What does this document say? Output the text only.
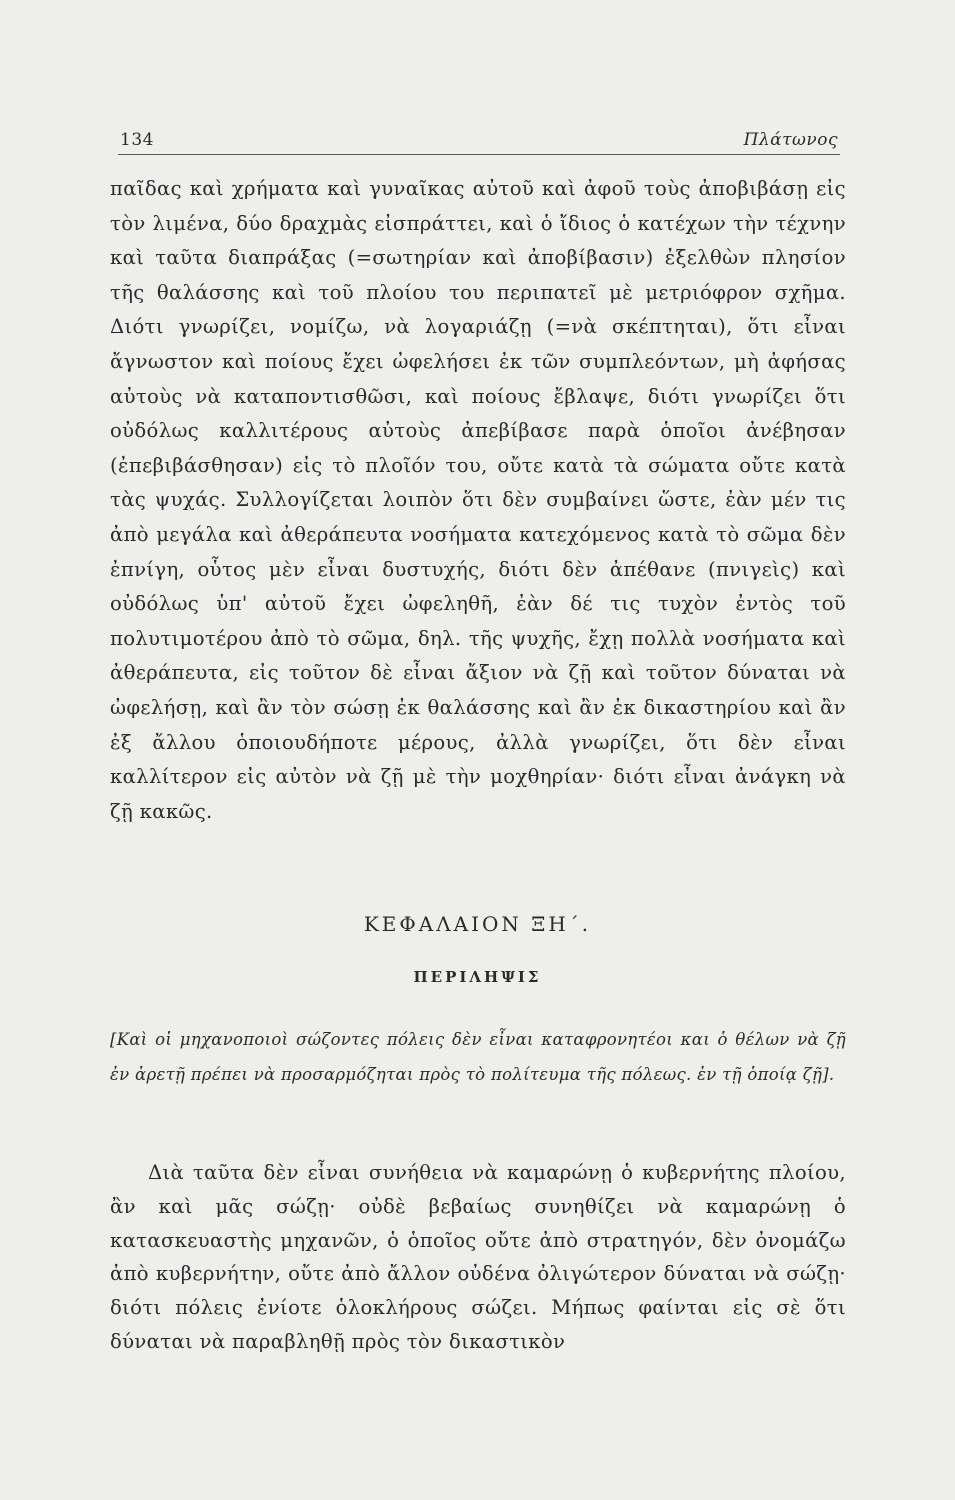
134	Πλάτωνος

παῖδας καὶ χρήματα καὶ γυναῖκας αὐτοῦ καὶ ἀφοῦ τοὺς ἀποβιβάσῃ εἰς τὸν λιμένα, δύο δραχμὰς εἰσπράττει, καὶ ὁ ἴδιος ὁ κατέχων τὴν τέχνην καὶ ταῦτα διαπράξας (=σωτηρίαν καὶ ἀποβίβασιν) ἐξελθὼν πλησίον τῆς θαλάσσης καὶ τοῦ πλοίου του περιπατεῖ μὲ μετριόφρον σχῆμα. Διότι γνωρίζει, νομίζω, νὰ λογαριάζῃ (=νὰ σκέπτηται), ὅτι εἶναι ἄγνωστον καὶ ποίους ἔχει ὠφελήσει ἐκ τῶν συμπλεόντων, μὴ ἀφήσας αὐτοὺς νὰ καταποντισθῶσι, καὶ ποίους ἔβλαψε, διότι γνωρίζει ὅτι οὐδόλως καλλιτέρους αὐτοὺς ἀπεβίβασε παρὰ ὁποῖοι ἀνέβησαν (ἐπεβιβάσθησαν) εἰς τὸ πλοῖόν του, οὔτε κατὰ τὰ σώματα οὔτε κατὰ τὰς ψυχάς. Συλλογίζεται λοιπὸν ὅτι δὲν συμβαίνει ὥστε, ἐὰν μέν τις ἀπὸ μεγάλα καὶ ἀθεράπευτα νοσήματα κατεχόμενος κατὰ τὸ σῶμα δὲν ἐπνίγη, οὗτος μὲν εἶναι δυστυχής, διότι δὲν ἀπέθανε (πνιγεὶς) καὶ οὐδόλως ὑπ' αὐτοῦ ἔχει ὠφεληθῆ, ἐὰν δέ τις τυχὸν ἐντὸς τοῦ πολυτιμοτέρου ἀπὸ τὸ σῶμα, δηλ. τῆς ψυχῆς, ἔχῃ πολλὰ νοσήματα καὶ ἀθεράπευτα, εἰς τοῦτον δὲ εἶναι ἄξιον νὰ ζῇ καὶ τοῦτον δύναται νὰ ὠφελήσῃ, καὶ ἂν τὸν σώσῃ ἐκ θαλάσσης καὶ ἂν ἐκ δικαστηρίου καὶ ἂν ἐξ ἄλλου ὁποιουδήποτε μέρους, ἀλλὰ γνωρίζει, ὅτι δὲν εἶναι καλλίτερον εἰς αὐτὸν νὰ ζῇ μὲ τὴν μοχθηρίαν· διότι εἶναι ἀνάγκη νὰ ζῇ κακῶς.

ΚΕΦΑΛΑΙΟΝ ΞΗ΄.
ΠΕΡΙΛΗΨΙΣ

[Καὶ οἱ μηχανοποιοὶ σώζοντες πόλεις δὲν εἶναι καταφρονητέοι και ὁ θέλων νὰ ζῇ ἐν ἀρετῇ πρέπει νὰ προσαρμόζηται πρὸς τὸ πολίτευμα τῆς πόλεως. ἐν τῇ ὁποίᾳ ζῇ].

Διὰ ταῦτα δὲν εἶναι συνήθεια νὰ καμαρώνῃ ὁ κυβερνήτης πλοίου, ἂν καὶ μᾶς σώζῃ· οὐδὲ βεβαίως συνηθίζει νὰ καμαρώνῃ ὁ κατασκευαστὴς μηχανῶν, ὁ ὁποῖος οὔτε ἀπὸ στρατηγόν, δὲν ὀνομάζω ἀπὸ κυβερνήτην, οὔτε ἀπὸ ἄλλον οὐδένα ὀλιγώτερον δύναται νὰ σώζῃ· διότι πόλεις ἐνίοτε ὁλοκλήρους σώζει. Μήπως φαίνται εἰς σὲ ὅτι δύναται νὰ παραβληθῇ πρὸς τὸν δικαστικὸν
